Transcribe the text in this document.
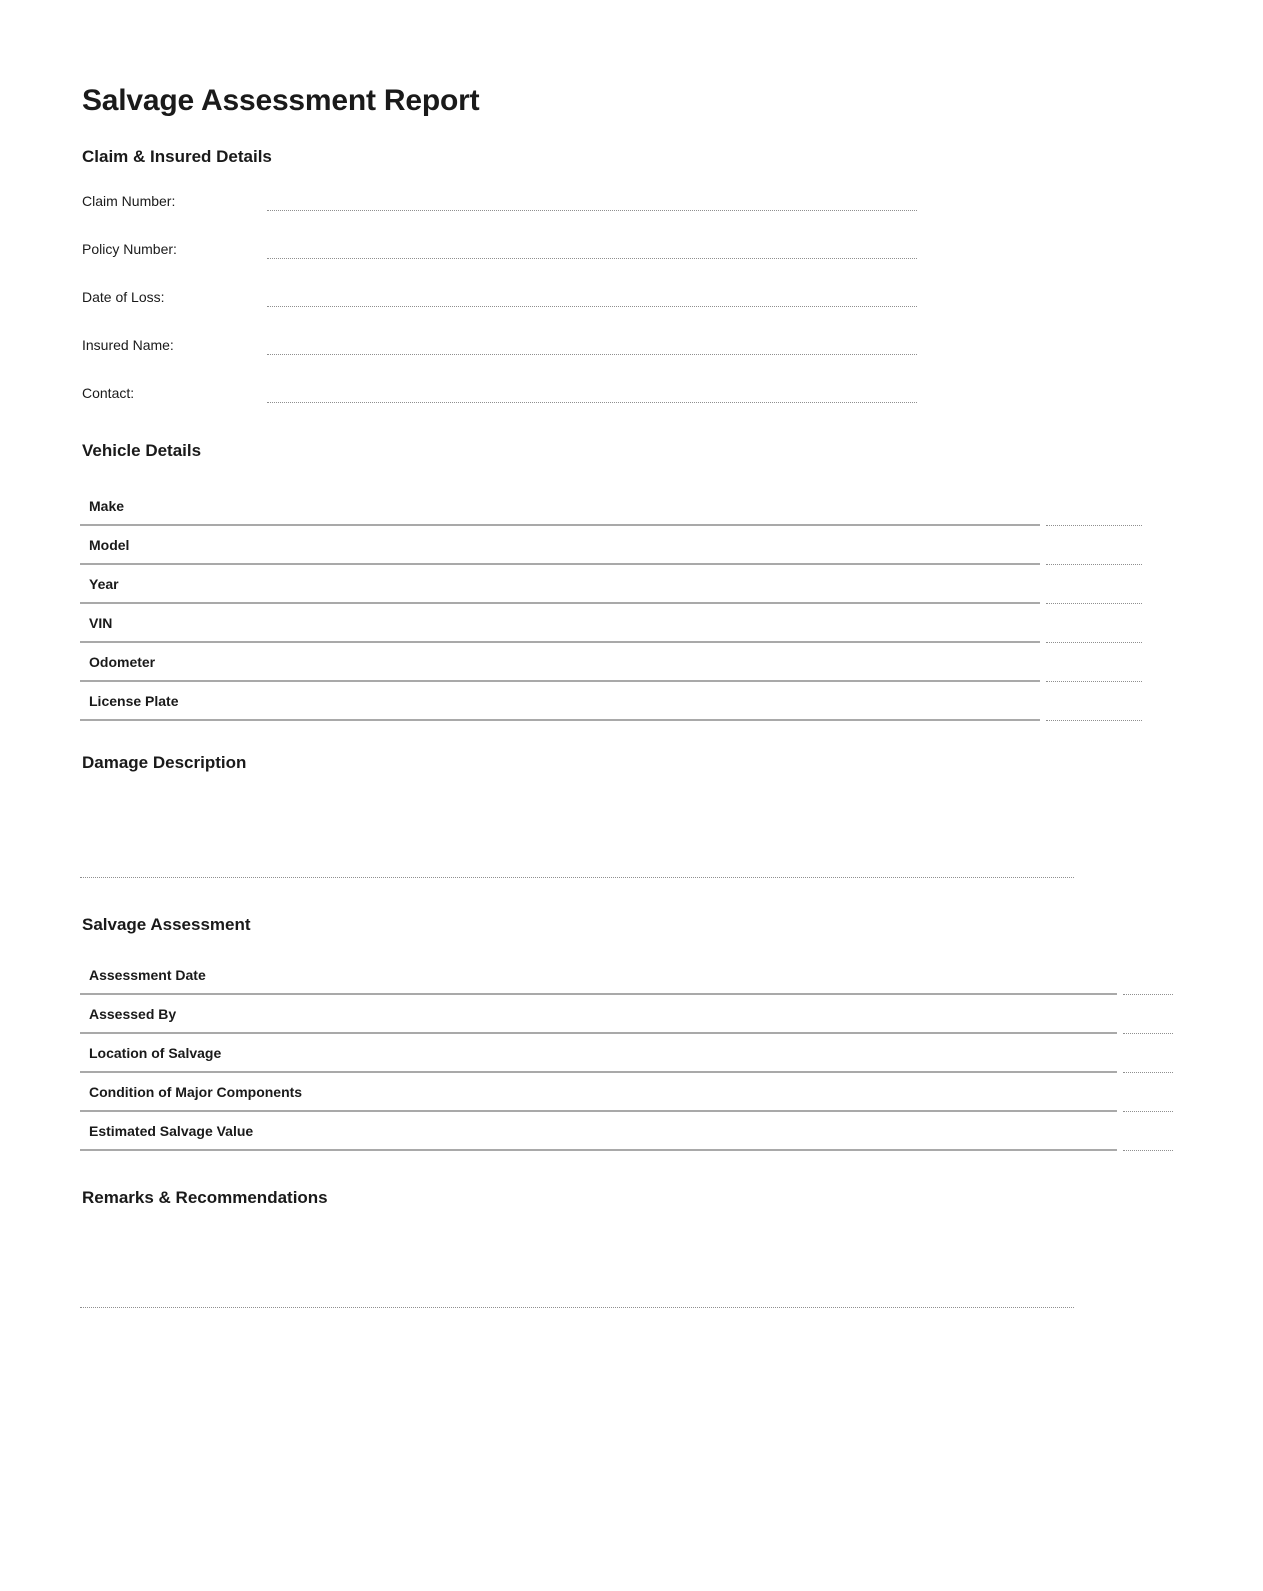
Salvage Assessment Report
Claim & Insured Details
Claim Number:
Policy Number:
Date of Loss:
Insured Name:
Contact:
Vehicle Details
Make
Model
Year
VIN
Odometer
License Plate
Damage Description
Salvage Assessment
Assessment Date
Assessed By
Location of Salvage
Condition of Major Components
Estimated Salvage Value
Remarks & Recommendations
